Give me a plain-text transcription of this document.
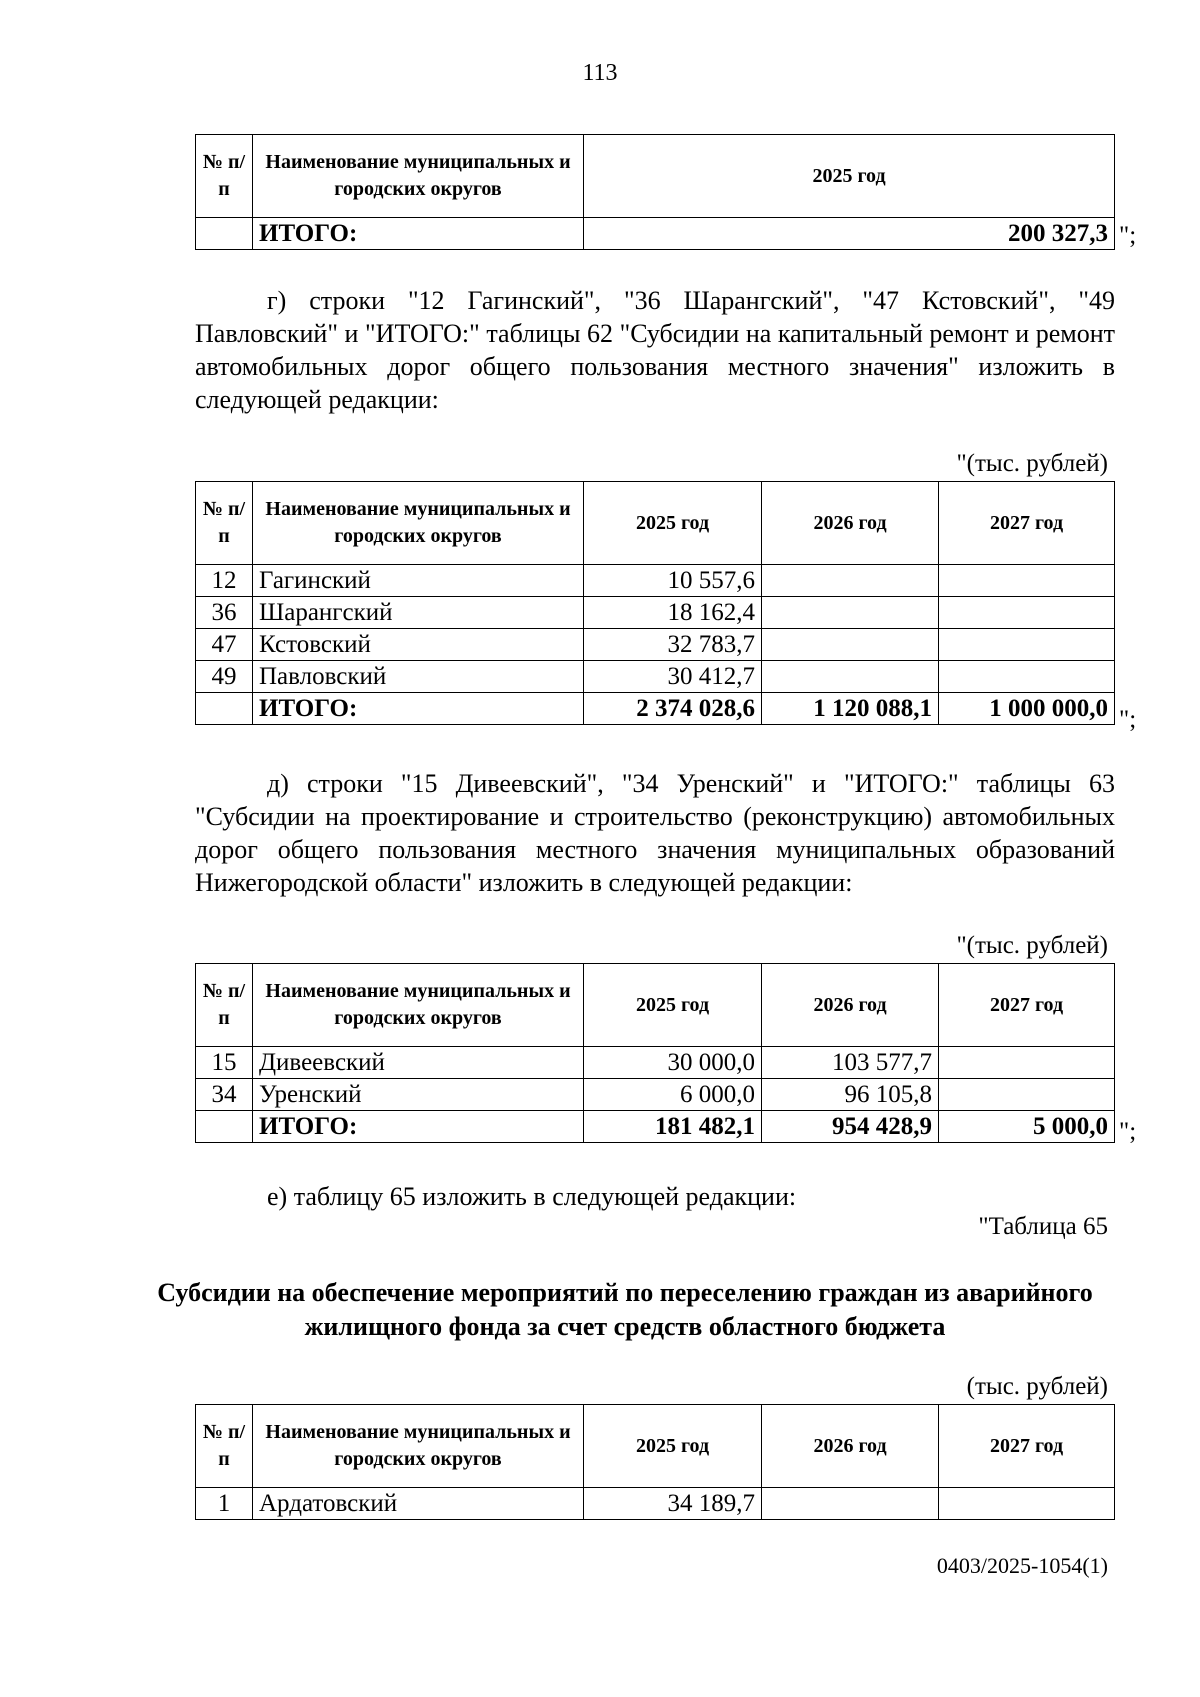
113
№ п/п	Наименование муниципальных и городских округов	2025 год
	ИТОГО:	200 327,3 ";
г) строки "12 Гагинский", "36 Шарангский", "47 Кстовский", "49 Павловский" и "ИТОГО:" таблицы 62 "Субсидии на капитальный ремонт и ремонт автомобильных дорог общего пользования местного значения" изложить в следующей редакции:
"(тыс. рублей)
№ п/п	Наименование муниципальных и городских округов	2025 год	2026 год	2027 год
12	Гагинский	10 557,6		
36	Шарангский	18 162,4		
47	Кстовский	32 783,7		
49	Павловский	30 412,7		
	ИТОГО:	2 374 028,6	1 120 088,1	1 000 000,0 ";
д) строки "15 Дивеевский", "34 Уренский" и "ИТОГО:" таблицы 63 "Субсидии на проектирование и строительство (реконструкцию) автомобильных дорог общего пользования местного значения муниципальных образований Нижегородской области" изложить в следующей редакции:
"(тыс. рублей)
№ п/п	Наименование муниципальных и городских округов	2025 год	2026 год	2027 год
15	Дивеевский	30 000,0	103 577,7	
34	Уренский	6 000,0	96 105,8	
	ИТОГО:	181 482,1	954 428,9	5 000,0 ";
е) таблицу 65 изложить в следующей редакции:
"Таблица 65
Субсидии на обеспечение мероприятий по переселению граждан из аварийного жилищного фонда за счет средств областного бюджета
(тыс. рублей)
№ п/п	Наименование муниципальных и городских округов	2025 год	2026 год	2027 год
1	Ардатовский	34 189,7		
0403/2025-1054(1)
